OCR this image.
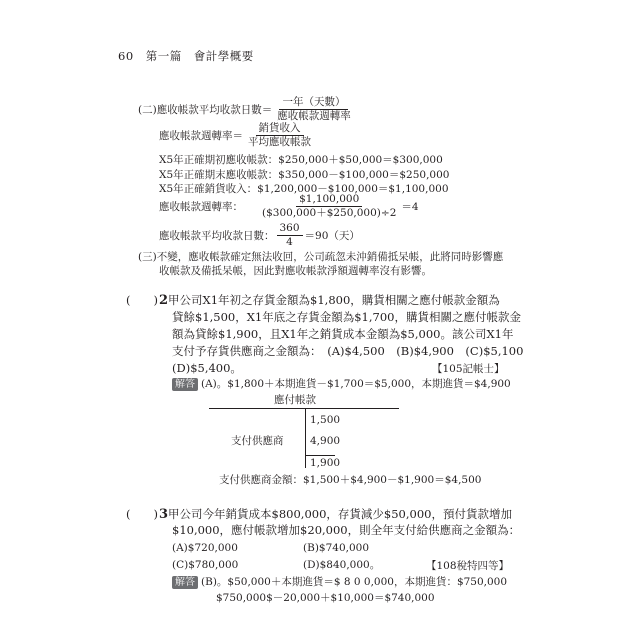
60 第一篇　會計學概要
(二) 應收帳款平均收款日數＝ $\frac{\text{一年（天數）}}{\text{應收帳款週轉率}}$
應收帳款週轉率＝ $\frac{\text{銷貨收入}}{\text{平均應收帳款}}$
X5年正確期初應收帳款：$250,000＋$50,000＝$300,000
X5年正確期末應收帳款：$350,000－$100,000＝$250,000
X5年正確銷貨收入：$1,200,000－$100,000＝$1,100,000
應收帳款週轉率： $\frac{\$1,100,000}{(\$300,000+\$250,000)\div 2} =4$
應收帳款平均收款日數： $\frac{360}{4} =90$（天）
(三)不變，應收帳款確定無法收回，公司疏忽未沖銷備抵呆帳，此將同時影響應
收帳款及備抵呆帳，因此對應收帳款淨額週轉率沒有影響。
(　　) 2甲公司X1年初之存貨金額為$1,800，購貨相關之應付帳款金額為
貸餘$1,500，X1年底之存貨金額為$1,700，購貨相關之應付帳款金
額為貸餘$1,900，且X1年之銷貨成本金額為$5,000。該公司X1年
支付予存貨供應商之金額為：　(A)$4,500　(B)$4,900　(C)$5,100
(D)$5,400。	【105記帳士】
解答 (A)。$1,800＋本期進貨－$1,700＝$5,000，本期進貨＝$4,900
應付帳款
1,500
支付供應商	4,900
1,900
支付供應商金額：$1,500＋$4,900－$1,900＝$4,500
(　　) 3甲公司今年銷貨成本$800,000，存貨減少$50,000，預付貨款增加
$10,000，應付帳款增加$20,000，則全年支付給供應商之金額為：
(A)$720,000	(B)$740,000
(C)$780,000	(D)$840,000。	【108稅特四等】
解答 (B)。$50,000＋本期進貨＝$ 8 0 0,000，本期進貨：$750,000
$750,000$－20,000＋$10,000＝$740,000
